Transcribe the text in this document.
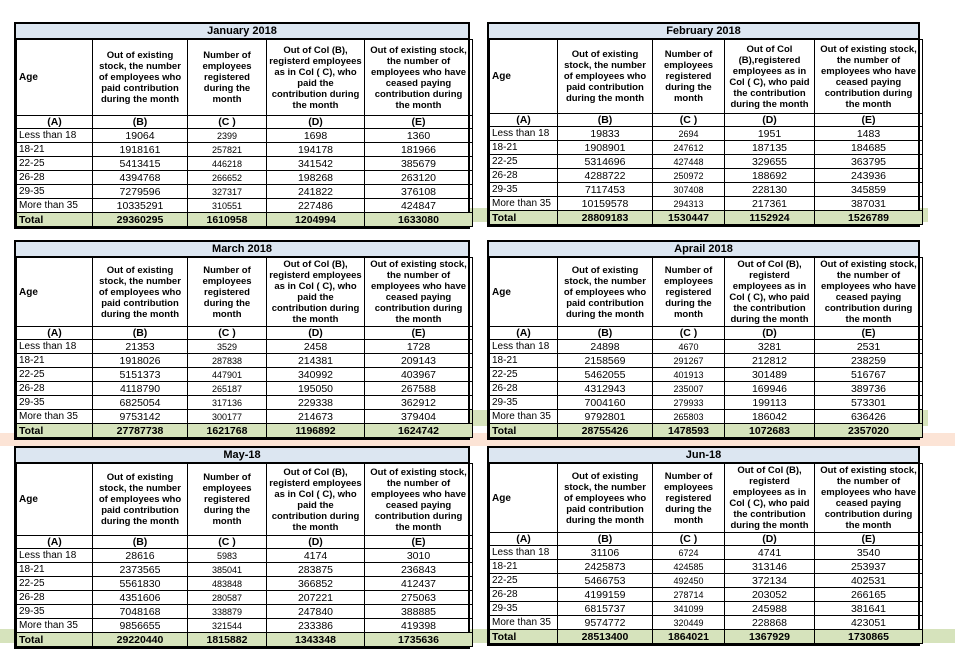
January 2018
Age	Out of existing stock, the number of employees who paid contribution during the month	Number of employees registered during the month	Out of Col (B), registerd employees as in Col ( C), who paid the contribution during the month	Out of existing stock, the number of employees who have ceased paying contribution during the month
(A)	(B)	(C )	(D)	(E)
Less than 18	19064	2399	1698	1360
18-21	1918161	257821	194178	181966
22-25	5413415	446218	341542	385679
26-28	4394768	266652	198268	263120
29-35	7279596	327317	241822	376108
More than 35	10335291	310551	227486	424847
Total	29360295	1610958	1204994	1633080
February 2018
Age	Out of existing stock, the number of employees who paid contribution during the month	Number of employees registered during the month	Out of Col (B),registered employees as in Col ( C), who paid the contribution during the month	Out of existing stock, the number of employees who have ceased paying contribution during the month
(A)	(B)	(C )	(D)	(E)
Less than 18	19833	2694	1951	1483
18-21	1908901	247612	187135	184685
22-25	5314696	427448	329655	363795
26-28	4288722	250972	188692	243936
29-35	7117453	307408	228130	345859
More than 35	10159578	294313	217361	387031
Total	28809183	1530447	1152924	1526789
March 2018
Age	Out of existing stock, the number of employees who paid contribution during the month	Number of employees registered during the month	Out of Col (B), registerd employees as in Col ( C), who paid the contribution during the month	Out of existing stock, the number of employees who have ceased paying contribution during the month
(A)	(B)	(C )	(D)	(E)
Less than 18	21353	3529	2458	1728
18-21	1918026	287838	214381	209143
22-25	5151373	447901	340992	403967
26-28	4118790	265187	195050	267588
29-35	6825054	317136	229338	362912
More than 35	9753142	300177	214673	379404
Total	27787738	1621768	1196892	1624742
Aprail 2018
Age	Out of existing stock, the number of employees who paid contribution during the month	Number of employees registered during the month	Out of Col (B), registerd employees as in Col ( C), who paid the contribution during the month	Out of existing stock, the number of employees who have ceased paying contribution during the month
(A)	(B)	(C )	(D)	(E)
Less than 18	24898	4670	3281	2531
18-21	2158569	291267	212812	238259
22-25	5462055	401913	301489	516767
26-28	4312943	235007	169946	389736
29-35	7004160	279933	199113	573301
More than 35	9792801	265803	186042	636426
Total	28755426	1478593	1072683	2357020
May-18
Age	Out of existing stock, the number of employees who paid contribution during the month	Number of employees registered during the month	Out of Col (B), registerd employees as in Col ( C), who paid the contribution during the month	Out of existing stock, the number of employees who have ceased paying contribution during the month
(A)	(B)	(C )	(D)	(E)
Less than 18	28616	5983	4174	3010
18-21	2373565	385041	283875	236843
22-25	5561830	483848	366852	412437
26-28	4351606	280587	207221	275063
29-35	7048168	338879	247840	388885
More than 35	9856655	321544	233386	419398
Total	29220440	1815882	1343348	1735636
Jun-18
Age	Out of existing stock, the number of employees who paid contribution during the month	Number of employees registered during the month	Out of Col (B), registerd employees as in Col ( C), who paid the contribution during the month	Out of existing stock, the number of employees who have ceased paying contribution during the month
(A)	(B)	(C )	(D)	(E)
Less than 18	31106	6724	4741	3540
18-21	2425873	424585	313146	253937
22-25	5466753	492450	372134	402531
26-28	4199159	278714	203052	266165
29-35	6815737	341099	245988	381641
More than 35	9574772	320449	228868	423051
Total	28513400	1864021	1367929	1730865
